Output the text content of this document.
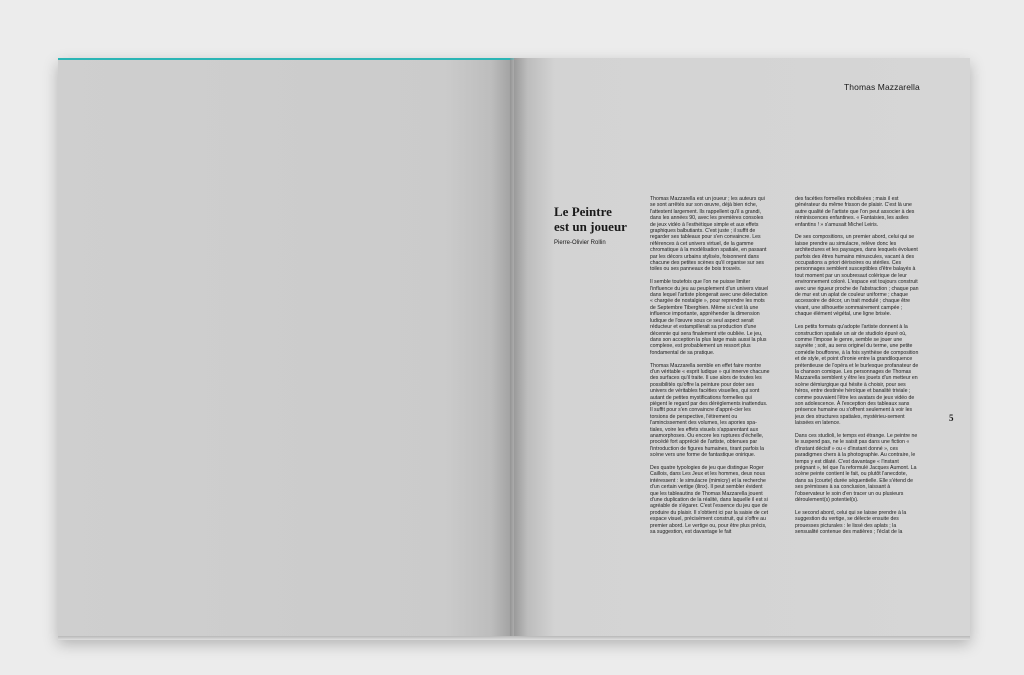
Thomas Mazzarella
Le Peintre
est un joueur
Pierre-Olivier Rollin

Thomas Mazzarella est un joueur ; les auteurs qui se sont arrêtés sur son œuvre, déjà bien riche, l'attestent largement. Ils rappellent qu'il a grandi, dans les années 90, avec les premières consoles de jeux vidéo à l'esthétique simple et aux effets graphiques balbutiants. C'est juste ; il suffit de regarder ses tableaux pour s'en convaincre. Les références à cet univers virtuel, de la gamme chromatique à la modélisation spatiale, en passant par les décors urbains stylisés, foisonnent dans chacune des petites scènes qu'il organise sur ses toiles ou ses panneaux de bois trouvés.

Il semble toutefois que l'on ne puisse limiter l'influence du jeu au peuplement d'un univers visuel dans lequel l'artiste plongerait avec une délectation « chargée de nostalgie », pour reprendre les mots de Septembre Tiberghien. Même si c'est là une influence importante, appréhender la dimension ludique de l'œuvre sous ce seul aspect serait réducteur et estampillerait sa production d'une décennie qui sera finalement vite oubliée. Le jeu, dans son acception la plus large mais aussi la plus complexe, est probablement un ressort plus fondamental de sa pratique.

Thomas Mazzarella semble en effet faire montre d'un véritable « esprit ludique » qui innerve chacune des surfaces qu'il traite. Il use alors de toutes les possibilités qu'offre la peinture pour doter ses univers de véritables facéties visuelles, qui sont autant de petites mystifications formelles qui piègent le regard par des dérèglements inattendus. Il suffit pour s'en convaincre d'appré-cier les torsions de perspective, l'étirement ou l'amincissement des volumes, les apories spa-tiales, voire les effets visuels s'apparentant aux anamorphoses. Ou encore les ruptures d'échelle, procédé fort apprécié de l'artiste, obtenues par l'introduction de figures humaines, tirant parfois la scène vers une forme de fantastique onirique.

Des quatre typologies de jeu que distingue Roger Caillois, dans Les Jeux et les hommes, deux nous intéressent : le simulacre (mimicry) et la recherche d'un certain vertige (ilinx). Il peut sembler évident que les tableautins de Thomas Mazzarella jouent d'une duplication de la réalité, dans laquelle il est si agréable de s'égarer. C'est l'essence du jeu que de produire du plaisir. Il s'obtient ici par la saisie de cet espace visuel, précisément construit, qui s'offre au premier abord. Le vertige ou, pour être plus précis, sa suggestion, est davantage le fait

des facéties formelles mobilisées ; mais il est générateur du même frisson de plaisir. C'est là une autre qualité de l'artiste que l'on peut associer à des réminiscences enfantines. « Fantaisies, les asiles enfantins ! » s'amusait Michel Leiris.

De ses compositions, un premier abord, celui qui se laisse prendre au simulacre, relève donc les architectures et les paysages, dans lesquels évoluent parfois des êtres humains minuscules, vacant à des occupations a priori dérisoires ou stériles. Ces personnages semblent susceptibles d'être balayés à tout moment par un soubresaut colérique de leur environnement coloré. L'espace est toujours construit avec une rigueur proche de l'abstraction ; chaque pan de mur est un aplat de couleur uniforme ; chaque accessoire de décor, un trait modulé ; chaque être vivant, une silhouette sommairement campée ; chaque élément végétal, une ligne brisée.

Les petits formats qu'adopte l'artiste donnent à la construction spatiale un air de studiolo épuré où, comme l'impose le genre, semble se jouer une saynète ; soit, au sens originel du terme, une petite comédie bouffonne, à la fois synthèse de composition et de style, et point d'ironie entre la grandiloquence prétentieuse de l'opéra et le burlesque profanateur de la chanson comique. Les personnages de Thomas Mazzarella semblent y être les jouets d'un metteur en scène démiurgique qui hésite à choisir, pour ses héros, entre destinée héroïque et banalité triviale ; comme pouvaient l'être les avatars de jeux vidéo de son adolescence. À l'exception des tableaux sans présence humaine ou s'offrent seulement à voir les jeux des structures spatiales, mystérieu-sement laissées en latence.

Dans ces studioli, le temps est étrange. Le peintre ne le suspend pas, ne le saisit pas dans une fiction « d'instant décisif » ou « d'instant donné », ces paradigmes chers à la photographie. Au contraire, le temps y est dilaté. C'est davantage « l'instant prégnant », tel que l'a reformulé Jacques Aumont. La scène peinte contient le fait, ou plutôt l'anecdote, dans sa (courte) durée séquentielle. Elle s'étend de ses prémisses à sa conclusion, laissant à l'observateur le soin d'en tracer un ou plusieurs déroulement(s) potentiel(s).

Le second abord, celui qui se laisse prendre à la suggestion du vertige, se délecte ensuite des prouesses picturales : le lissé des aplats ; la sensualité contenue des matières ; l'éclat de la

5
